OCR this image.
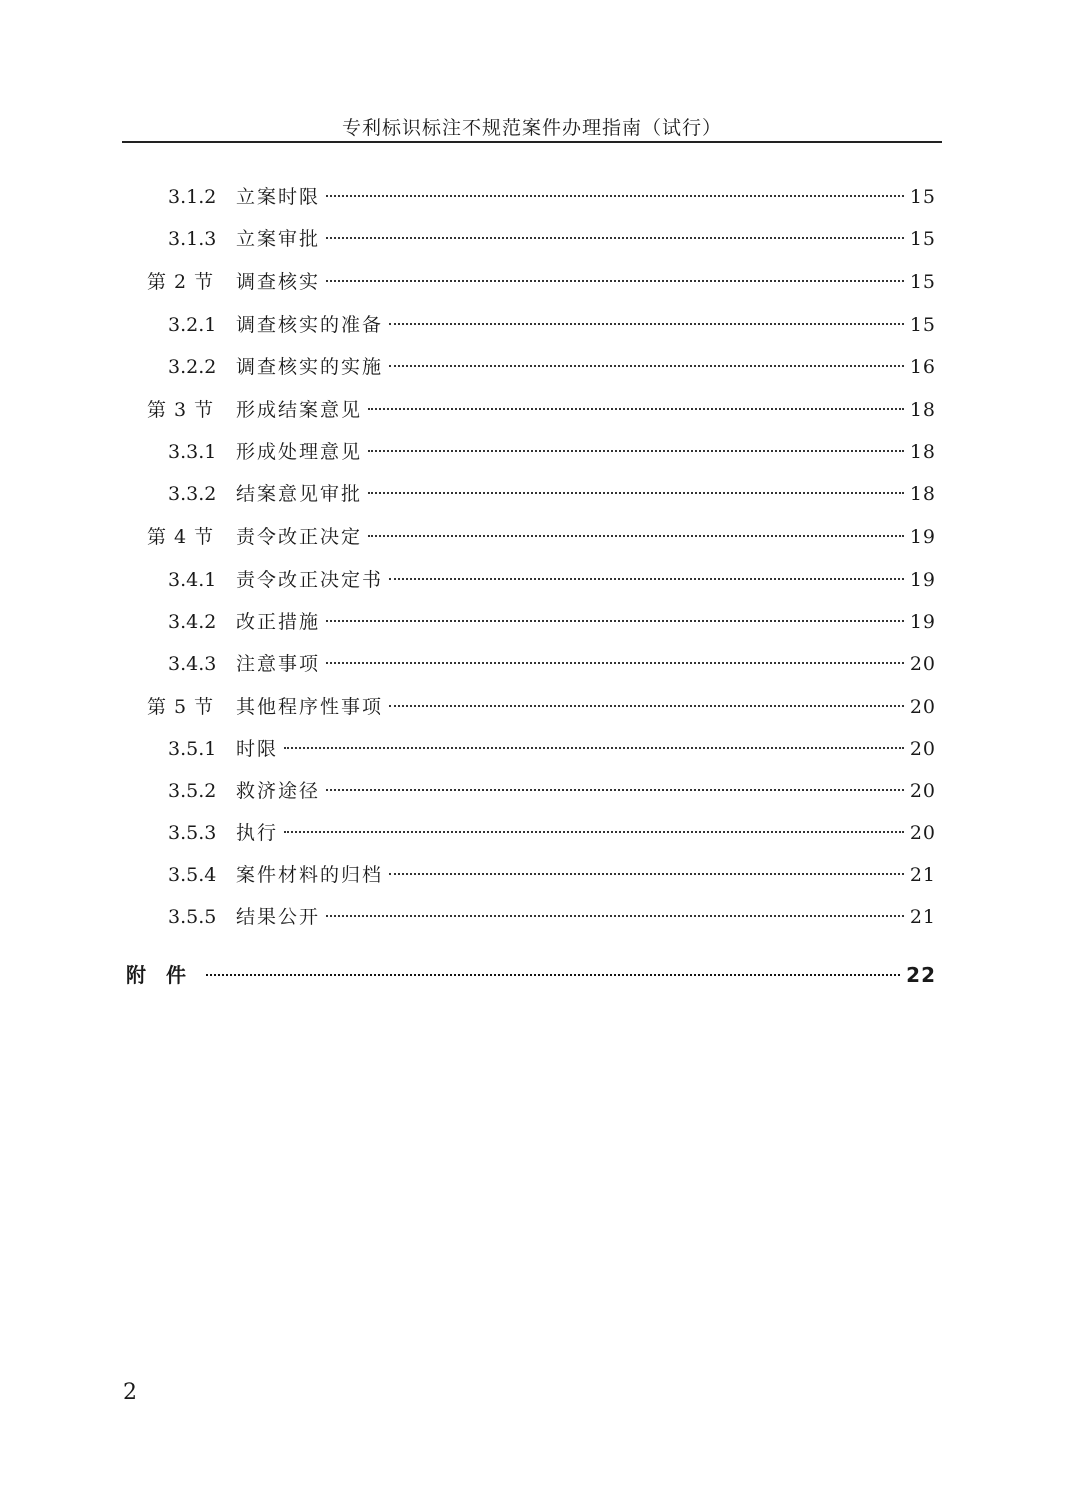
专利标识标注不规范案件办理指南（试行）
3.1.2 立案时限	15
3.1.3 立案审批	15
第 2 节 调查核实	15
3.2.1 调查核实的准备	15
3.2.2 调查核实的实施	16
第 3 节 形成结案意见	18
3.3.1 形成处理意见	18
3.3.2 结案意见审批	18
第 4 节 责令改正决定	19
3.4.1 责令改正决定书	19
3.4.2 改正措施	19
3.4.3 注意事项	20
第 5 节 其他程序性事项	20
3.5.1 时限	20
3.5.2 救济途径	20
3.5.3 执行	20
3.5.4 案件材料的归档	21
3.5.5 结果公开	21
附件	22
2
